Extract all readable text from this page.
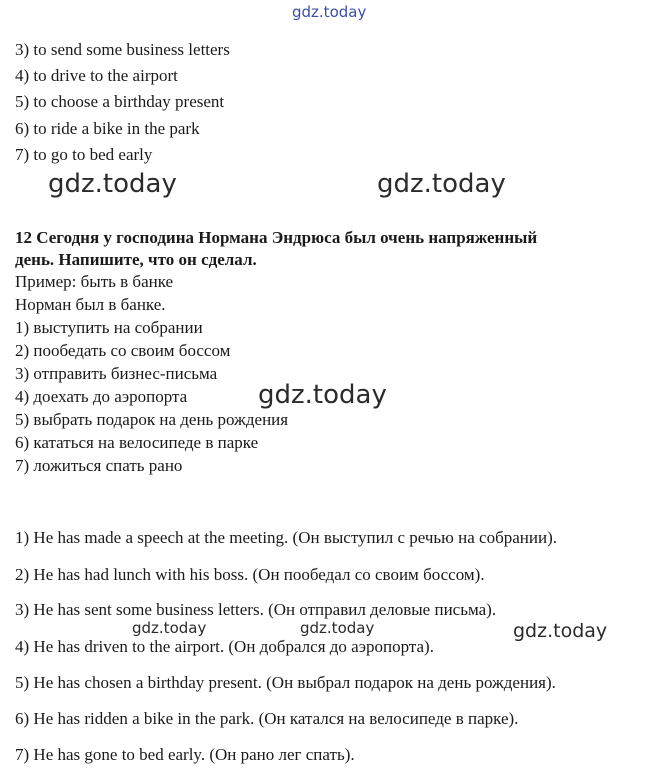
gdz.today
3) to send some business letters
4) to drive to the airport
5) to choose a birthday present
6) to ride a bike in the park
7) to go to bed early
gdz.today	gdz.today
12 Сегодня у господина Нормана Эндрюса был очень напряженный
день. Напишите, что он сделал.
Пример: быть в банке
Норман был в банке.
1) выступить на собрании
2) пообедать со своим боссом
3) отправить бизнес-письма
4) доехать до аэропорта
5) выбрать подарок на день рождения
6) кататься на велосипеде в парке
7) ложиться спать рано
gdz.today
1) He has made a speech at the meeting. (Он выступил с речью на собрании).
2) He has had lunch with his boss. (Он пообедал со своим боссом).
3) He has sent some business letters. (Он отправил деловые письма).
gdz.today	gdz.today	gdz.today
4) He has driven to the airport. (Он добрался до аэропорта).
5) He has chosen a birthday present. (Он выбрал подарок на день рождения).
6) He has ridden a bike in the park. (Он катался на велосипеде в парке).
7) He has gone to bed early. (Он рано лег спать).
